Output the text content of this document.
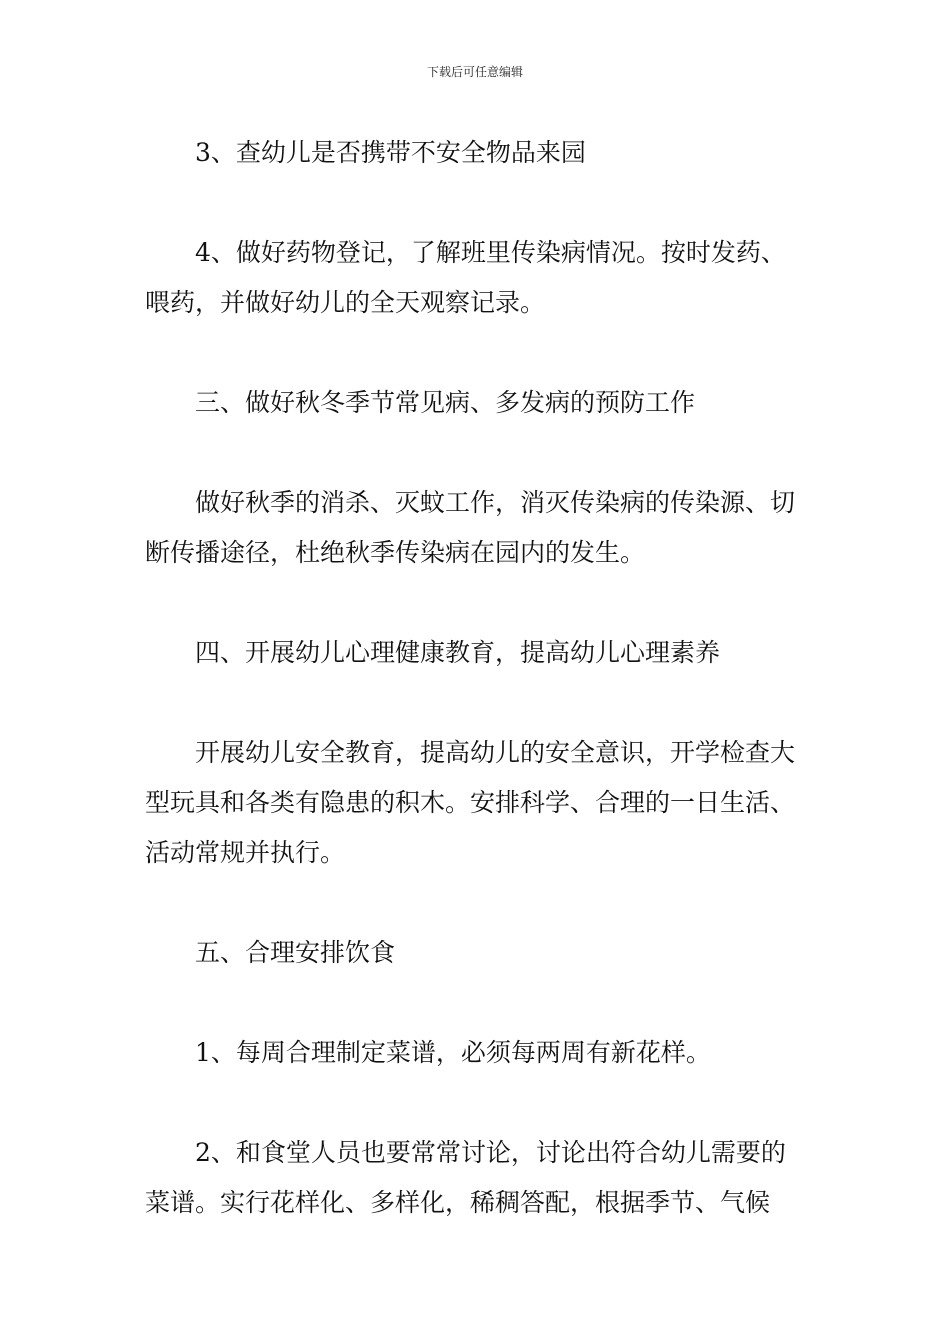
下载后可任意编辑

3、查幼儿是否携带不安全物品来园

4、做好药物登记，了解班里传染病情况。按时发药、喂药，并做好幼儿的全天观察记录。

三、做好秋冬季节常见病、多发病的预防工作

做好秋季的消杀、灭蚊工作，消灭传染病的传染源、切断传播途径，杜绝秋季传染病在园内的发生。

四、开展幼儿心理健康教育，提高幼儿心理素养

开展幼儿安全教育，提高幼儿的安全意识，开学检查大型玩具和各类有隐患的积木。安排科学、合理的一日生活、活动常规并执行。

五、合理安排饮食

1、每周合理制定菜谱，必须每两周有新花样。

2、和食堂人员也要常常讨论，讨论出符合幼儿需要的菜谱。实行花样化、多样化，稀稠答配，根据季节、气候
